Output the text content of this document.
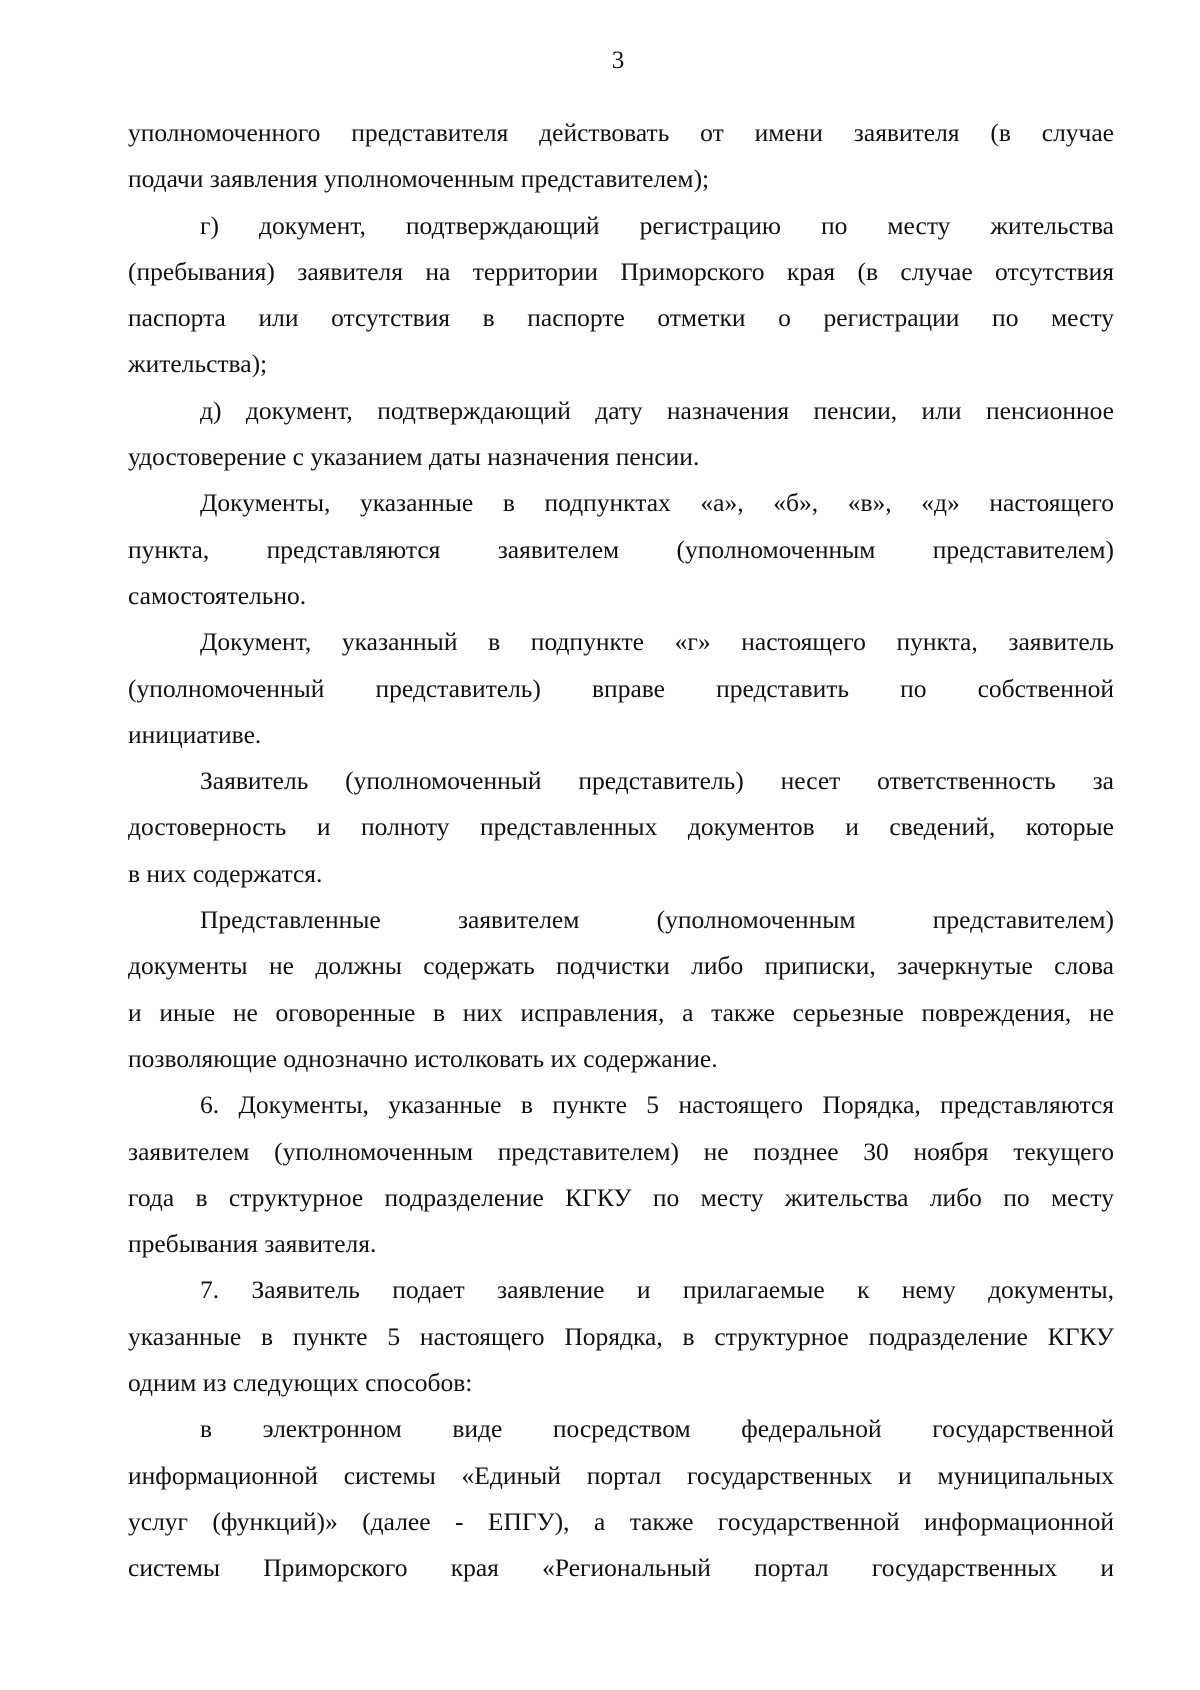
3
уполномоченного представителя действовать от имени заявителя (в случае
подачи заявления уполномоченным представителем);
г) документ, подтверждающий регистрацию по месту жительства
(пребывания) заявителя на территории Приморского края (в случае отсутствия
паспорта или отсутствия в паспорте отметки о регистрации по месту
жительства);
д) документ, подтверждающий дату назначения пенсии, или пенсионное
удостоверение с указанием даты назначения пенсии.
Документы, указанные в подпунктах «а», «б», «в», «д» настоящего
пункта, представляются заявителем (уполномоченным представителем)
самостоятельно.
Документ, указанный в подпункте «г» настоящего пункта, заявитель
(уполномоченный представитель) вправе представить по собственной
инициативе.
Заявитель (уполномоченный представитель) несет ответственность за
достоверность и полноту представленных документов и сведений, которые
в них содержатся.
Представленные заявителем (уполномоченным представителем)
документы не должны содержать подчистки либо приписки, зачеркнутые слова
и иные не оговоренные в них исправления, а также серьезные повреждения, не
позволяющие однозначно истолковать их содержание.
6. Документы, указанные в пункте 5 настоящего Порядка, представляются
заявителем (уполномоченным представителем) не позднее 30 ноября текущего
года в структурное подразделение КГКУ по месту жительства либо по месту
пребывания заявителя.
7. Заявитель подает заявление и прилагаемые к нему документы,
указанные в пункте 5 настоящего Порядка, в структурное подразделение КГКУ
одним из следующих способов:
в электронном виде посредством федеральной государственной
информационной системы «Единый портал государственных и муниципальных
услуг (функций)» (далее - ЕПГУ), а также государственной информационной
системы Приморского края «Региональный портал государственных и
